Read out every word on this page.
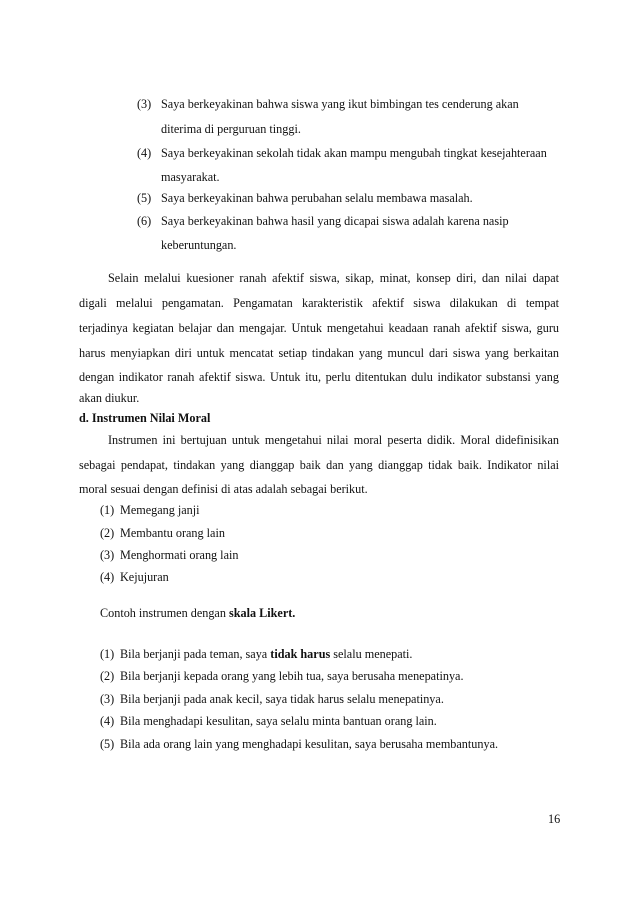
(3) Saya berkeyakinan bahwa siswa yang ikut bimbingan tes cenderung akan
diterima di perguruan tinggi.
(4) Saya berkeyakinan sekolah tidak akan mampu mengubah tingkat kesejahteraan
masyarakat.
(5) Saya berkeyakinan bahwa perubahan selalu membawa masalah.
(6) Saya berkeyakinan bahwa hasil yang dicapai siswa adalah karena nasip
keberuntungan.
Selain melalui kuesioner ranah afektif siswa, sikap, minat, konsep diri, dan nilai dapat
digali melalui pengamatan. Pengamatan karakteristik afektif siswa dilakukan di tempat
terjadinya kegiatan belajar dan mengajar. Untuk mengetahui keadaan ranah afektif siswa, guru
harus menyiapkan diri untuk mencatat setiap tindakan yang muncul dari siswa yang berkaitan
dengan indikator ranah afektif siswa. Untuk itu, perlu ditentukan dulu indikator substansi yang
akan diukur.
d. Instrumen Nilai Moral
Instrumen ini bertujuan untuk mengetahui nilai moral peserta didik. Moral didefinisikan
sebagai pendapat, tindakan yang dianggap baik dan yang dianggap tidak baik. Indikator nilai
moral sesuai dengan definisi di atas adalah sebagai berikut.
(1) Memegang janji
(2) Membantu orang lain
(3) Menghormati orang lain
(4) Kejujuran
Contoh instrumen dengan skala Likert.
(1) Bila berjanji pada teman, saya tidak harus selalu menepati.
(2) Bila berjanji kepada orang yang lebih tua, saya berusaha menepatinya.
(3) Bila berjanji pada anak kecil, saya tidak harus selalu menepatinya.
(4) Bila menghadapi kesulitan, saya selalu minta bantuan orang lain.
(5) Bila ada orang lain yang menghadapi kesulitan, saya berusaha membantunya.
16
